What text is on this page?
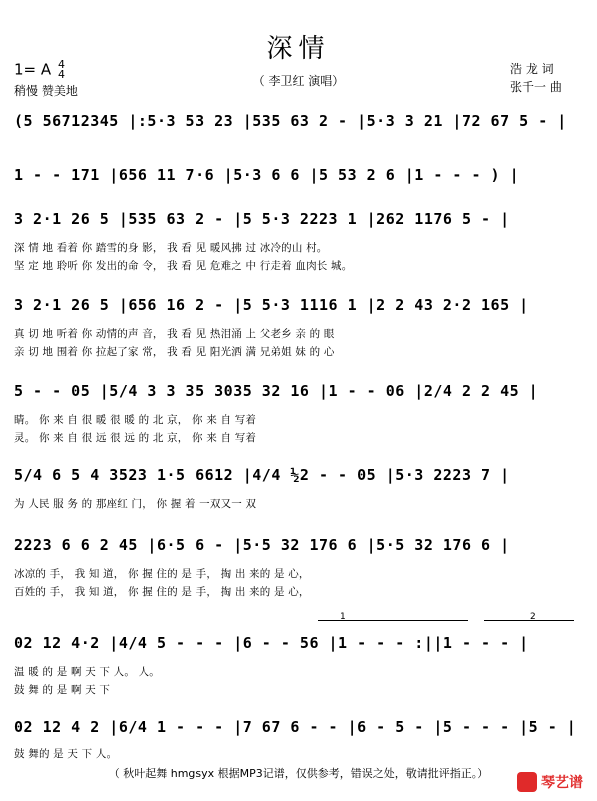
深情
（ 李卫红 演唱）
1= A 4
4
稍慢 赞美地
浩 龙 词
张千一 曲
(5 56712345 |:5·3 53 23 |535 63 2 - |5·3 3 21 |72 67 5 - |
1 - - 171 |656 11 7·6 |5·3 6 6 |5 53 2 6 |1 - - - ) |
3 2·1 26 5 |535 63 2 - |5 5·3 2223 1 |262 1176 5 - |
深 情 地 看着 你 踏雪的身 影， 我 看 见 暖风拂 过 冰冷的山 村。
坚 定 地 聆听 你 发出的命 令， 我 看 见 危难之 中 行走着 血肉长 城。
3 2·1 26 5 |656 16 2 - |5 5·3 1116 1 |2 2 43 2·2 165 |
真 切 地 听着 你 动情的声 音， 我 看 见 热泪涌 上 父老乡 亲 的 眼
亲 切 地 围着 你 拉起了家 常， 我 看 见 阳光洒 满 兄弟姐 妹 的 心
5 - - 05 |5/4 3 3 35 3035 32 16 |1 - - 06 |2/4 2 2 45 |
睛。 你 来 自 很 暖 很 暖 的 北 京， 你 来 自 写着
灵。 你 来 自 很 远 很 远 的 北 京， 你 来 自 写着
5/4 6 5 4 3523 1·5 6612 |4/4 ½2 - - 05 |5·3 2223 7 |
为 人民 服 务 的 那座红 门， 你 握 着 一双又一 双
2223 6 6 2 45 |6·5 6 - |5·5 32 176 6 |5·5 32 176 6 |
冰凉的 手， 我 知 道， 你 握 住的 是 手， 掏 出 来的 是 心，
百姓的 手， 我 知 道， 你 握 住的 是 手， 掏 出 来的 是 心，
1	2
02 12 4·2 |4/4 5 - - - |6 - - 56 |1 - - - :||1 - - - |
温 暖 的 是 啊 天 下 人。 人。
鼓 舞 的 是 啊 天 下
02 12 4 2 |6/4 1 - - - |7 67 6 - - |6 - 5 - |5 - - - |5 - |
鼓 舞的 是 天 下 人。
（ 秋叶起舞 hmgsyx 根据MP3记谱，仅供参考，错误之处，敬请批评指正。）
琴艺谱
